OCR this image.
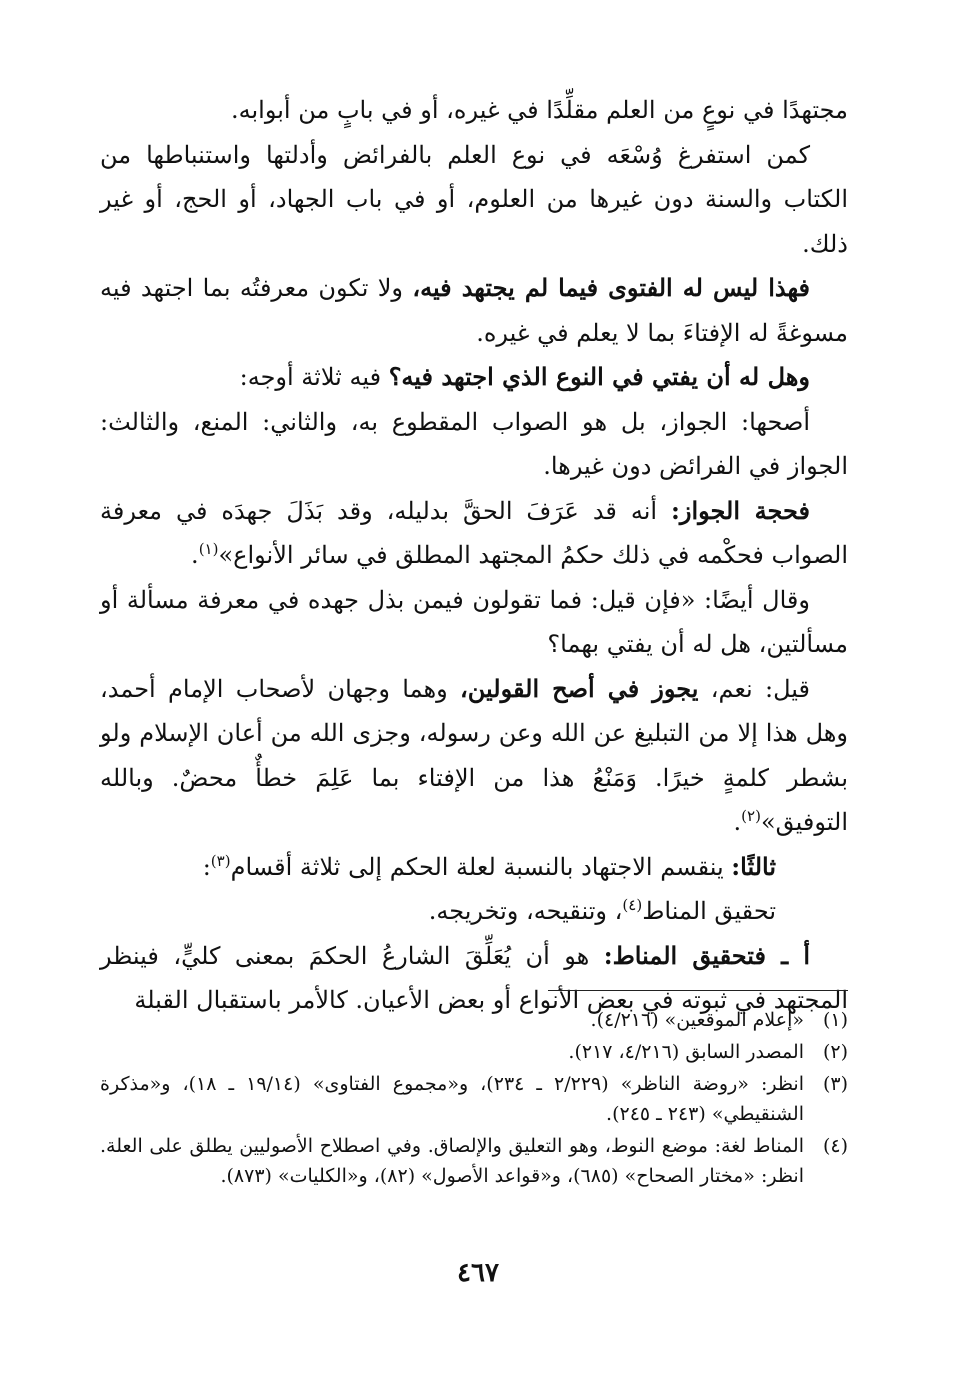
مجتهدًا في نوعٍ من العلم مقلِّدًا في غيره، أو في بابٍ من أبوابه.

كمن استفرغ وُسْعَه في نوع العلم بالفرائض وأدلتها واستنباطها من الكتاب والسنة دون غيرها من العلوم، أو في باب الجهاد، أو الحج، أو غير ذلك.

فهذا ليس له الفتوى فيما لم يجتهد فيه، ولا تكون معرفتُه بما اجتهد فيه مسوغةً له الإفتاءَ بما لا يعلم في غيره.

وهل له أن يفتي في النوع الذي اجتهد فيه؟ فيه ثلاثة أوجه:

أصحها: الجواز، بل هو الصواب المقطوع به، والثاني: المنع، والثالث: الجواز في الفرائض دون غيرها.

فحجة الجواز: أنه قد عَرَفَ الحقَّ بدليله، وقد بَذَلَ جهدَه في معرفة الصواب فحكْمه في ذلك حكمُ المجتهد المطلق في سائر الأنواع»$^{(١)}$.

وقال أيضًا: «فإن قيل: فما تقولون فيمن بذل جهده في معرفة مسألة أو مسألتين، هل له أن يفتي بهما؟

قيل: نعم، يجوز في أصح القولين، وهما وجهان لأصحاب الإمام أحمد، وهل هذا إلا من التبليغ عن الله وعن رسوله، وجزى الله من أعان الإسلام ولو بشطر كلمةٍ خيرًا. وَمَنْعُ هذا من الإفتاء بما عَلِمَ خطأٌ محضٌ. وبالله التوفيق»$^{(٢)}$.

ثالثًا: ينقسم الاجتهاد بالنسبة لعلة الحكم إلى ثلاثة أقسام$^{(٣)}$:

تحقيق المناط$^{(٤)}$، وتنقيحه، وتخريجه.

أ ـ فتحقيق المناط: هو أن يُعَلِّقَ الشارعُ الحكمَ بمعنى كليٍّ، فينظر المجتهد في ثبوته في بعض الأنواع أو بعض الأعيان. كالأمر باستقبال القبلة

(١)
«إعلام الموقعين» (٤/٢١٦).
(٢)
المصدر السابق (٤/٢١٦، ٢١٧).
(٣)
انظر: «روضة الناظر» (٢/٢٢٩ ـ ٢٣٤)، و«مجموع الفتاوى» (١٩/١٤ ـ ١٨)، و«مذكرة الشنقيطي» (٢٤٣ ـ ٢٤٥).
(٤)
المناط لغة: موضع النوط، وهو التعليق والإلصاق. وفي اصطلاح الأصوليين يطلق على العلة. انظر: «مختار الصحاح» (٦٨٥)، و«قواعد الأصول» (٨٢)، و«الكليات» (٨٧٣).
٤٦٧
